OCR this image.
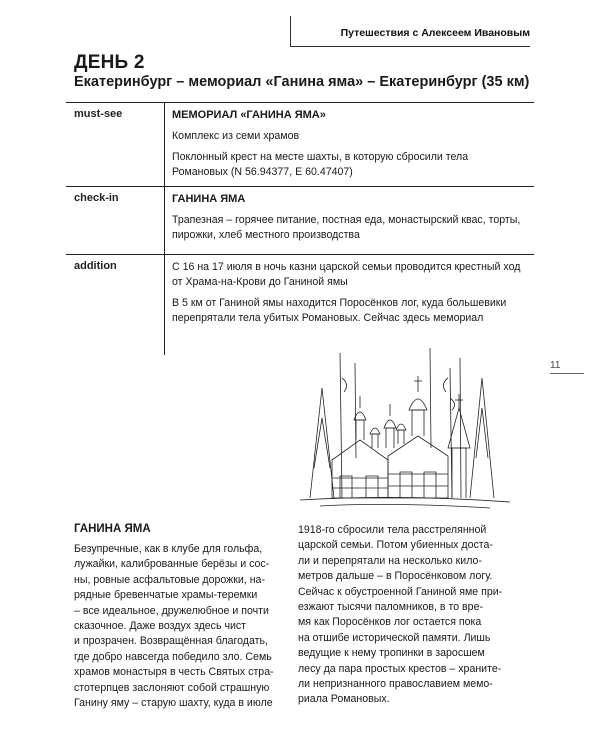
Путешествия с Алексеем Ивановым
ДЕНЬ 2
Екатеринбург – мемориал «Ганина яма» – Екатеринбург (35 км)
must-see	МЕМОРИАЛ «ГАНИНА ЯМА»

Комплекс из семи храмов

Поклонный крест на месте шахты, в которую сбросили тела Романовых (N 56.94377, E 60.47407)

check-in	ГАНИНА ЯМА

Трапезная – горячее питание, постная еда, монастырский квас, торты, пирожки, хлеб местного производства

addition	С 16 на 17 июля в ночь казни царской семьи проводится крестный ход от Храма-на-Крови до Ганиной ямы

В 5 км от Ганиной ямы находится Поросёнков лог, куда большевики перепрятали тела убитых Романовых. Сейчас здесь мемориал

11
ГАНИНА ЯМА
Безупречные, как в клубе для гольфа,
лужайки, калиброванные берёзы и сос-
ны, ровные асфальтовые дорожки, на-
рядные бревенчатые храмы-теремки
– все идеальное, дружелюбное и почти
сказочное. Даже воздух здесь чист
и прозрачен. Возвращённая благодать,
где добро навсегда победило зло. Семь
храмов монастыря в честь Святых стра-
стотерпцев заслоняют собой страшную
Ганину яму – старую шахту, куда в июле
1918-го сбросили тела расстрелянной
царской семьи. Потом убиенных доста-
ли и перепрятали на несколько кило-
метров дальше – в Поросёнковом логу.
Сейчас к обустроенной Ганиной яме при-
езжают тысячи паломников, в то вре-
мя как Поросёнков лог остается пока
на отшибе исторической памяти. Лишь
ведущие к нему тропинки в заросшем
лесу да пара простых крестов – храните-
ли непризнанного православием мемо-
риала Романовых.
